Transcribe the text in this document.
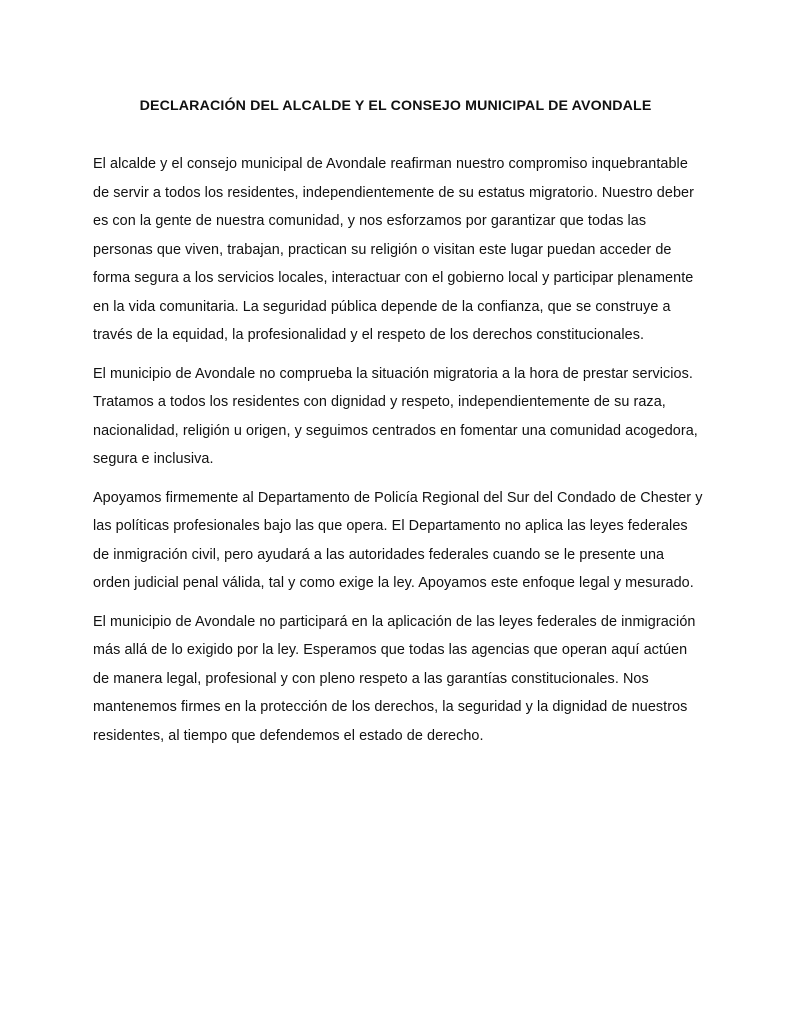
DECLARACIÓN DEL ALCALDE Y EL CONSEJO MUNICIPAL DE AVONDALE

El alcalde y el consejo municipal de Avondale reafirman nuestro compromiso inquebrantable de servir a todos los residentes, independientemente de su estatus migratorio. Nuestro deber es con la gente de nuestra comunidad, y nos esforzamos por garantizar que todas las personas que viven, trabajan, practican su religión o visitan este lugar puedan acceder de forma segura a los servicios locales, interactuar con el gobierno local y participar plenamente en la vida comunitaria. La seguridad pública depende de la confianza, que se construye a través de la equidad, la profesionalidad y el respeto de los derechos constitucionales.

El municipio de Avondale no comprueba la situación migratoria a la hora de prestar servicios. Tratamos a todos los residentes con dignidad y respeto, independientemente de su raza, nacionalidad, religión u origen, y seguimos centrados en fomentar una comunidad acogedora, segura e inclusiva.

Apoyamos firmemente al Departamento de Policía Regional del Sur del Condado de Chester y las políticas profesionales bajo las que opera. El Departamento no aplica las leyes federales de inmigración civil, pero ayudará a las autoridades federales cuando se le presente una orden judicial penal válida, tal y como exige la ley. Apoyamos este enfoque legal y mesurado.

El municipio de Avondale no participará en la aplicación de las leyes federales de inmigración más allá de lo exigido por la ley. Esperamos que todas las agencias que operan aquí actúen de manera legal, profesional y con pleno respeto a las garantías constitucionales. Nos mantenemos firmes en la protección de los derechos, la seguridad y la dignidad de nuestros residentes, al tiempo que defendemos el estado de derecho.
